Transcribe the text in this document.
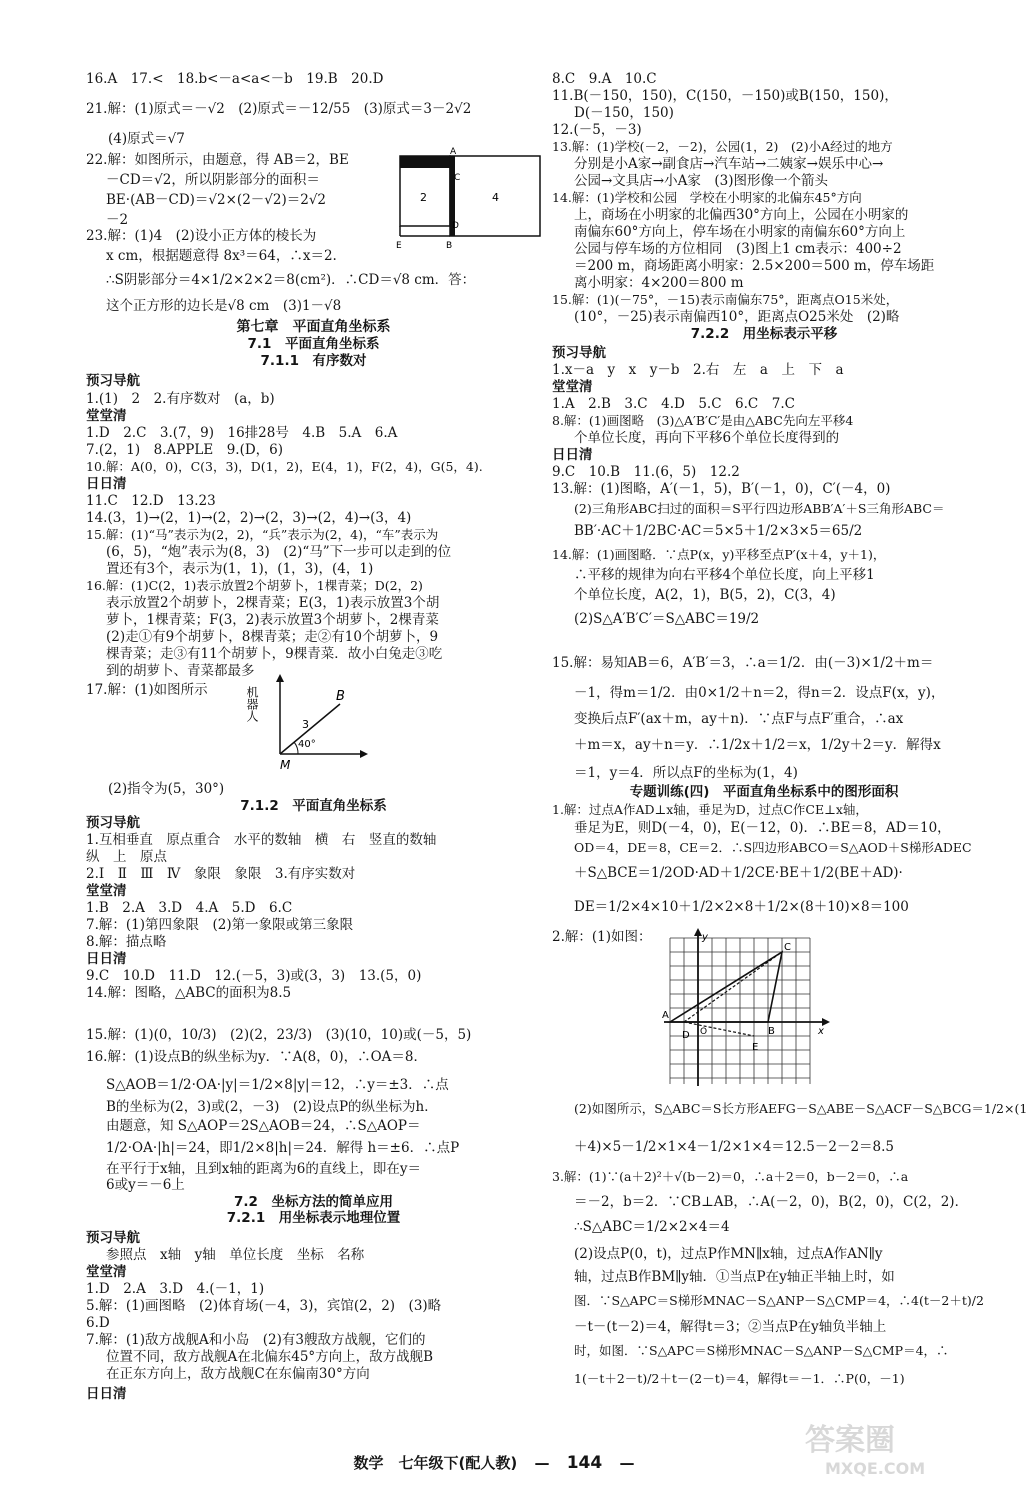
16.A　17.<　18.b<－a<a<－b　19.B　20.D
21.解：(1)原式＝－√2　(2)原式＝－12/55　(3)原式＝3－2√2
(4)原式＝√7
22.解：如图所示，由题意，得 AB＝2，BE
－CD＝√2，所以阴影部分的面积＝
BE·(AB－CD)＝√2×(2－√2)＝2√2
－2
23.解：(1)4　(2)设小正方体的棱长为
x cm，根据题意得 8x³＝64，∴x＝2.
∴S阴影部分＝4×1/2×2×2＝8(cm²)．∴CD＝√8 cm．答：
这个正方形的边长是√8 cm　(3)1－√8
第七章　平面直角坐标系
7.1　平面直角坐标系
7.1.1　有序数对
预习导航
1.(1)　2　2.有序数对　(a，b)
堂堂清
1.D　2.C　3.(7，9)　16排28号　4.B　5.A　6.A
7.(2，1)　8.APPLE　9.(D，6)
10.解：A(0，0)，C(3，3)，D(1，2)，E(4，1)，F(2，4)，G(5，4).
日日清
11.C　12.D　13.23
14.(3，1)→(2，1)→(2，2)→(2，3)→(2，4)→(3，4)
15.解：(1)“马”表示为(2，2)，“兵”表示为(2，4)，“车”表示为
(6，5)，“炮”表示为(8，3)　(2)“马”下一步可以走到的位
置还有3个，表示为(1，1)，(1，3)，(4，1)
16.解：(1)C(2，1)表示放置2个胡萝卜，1棵青菜；D(2，2)
表示放置2个胡萝卜，2棵青菜；E(3，1)表示放置3个胡
萝卜，1棵青菜；F(3，2)表示放置3个胡萝卜，2棵青菜
(2)走①有9个胡萝卜，8棵青菜；走②有10个胡萝卜，9
棵青菜；走③有11个胡萝卜，9棵青菜．故小白兔走③吃
到的胡萝卜、青菜都最多
17.解：(1)如图所示
(2)指令为(5，30°)
7.1.2　平面直角坐标系
预习导航
1.互相垂直　原点重合　水平的数轴　横　右　竖直的数轴
纵　上　原点
2.Ⅰ　Ⅱ　Ⅲ　Ⅳ　象限　象限　3.有序实数对
堂堂清
1.B　2.A　3.D　4.A　5.D　6.C
7.解：(1)第四象限　(2)第一象限或第三象限
8.解：描点略
日日清
9.C　10.D　11.D　12.(－5，3)或(3，3)　13.(5，0)
14.解：图略，△ABC的面积为8.5
15.解：(1)(0，10/3)　(2)(2，23/3)　(3)(10，10)或(－5，5)
16.解：(1)设点B的纵坐标为y．∵A(8，0)，∴OA＝8．
S△AOB＝1/2·OA·|y|＝1/2×8|y|＝12，∴y＝±3．∴点
B的坐标为(2，3)或(2，－3)　(2)设点P的纵坐标为h．
由题意，知 S△AOP＝2S△AOB＝24，∴S△AOP＝
1/2·OA·|h|＝24，即1/2×8|h|＝24．解得 h＝±6．∴点P
在平行于x轴，且到x轴的距离为6的直线上，即在y＝
6或y＝－6上
7.2　坐标方法的简单应用
7.2.1　用坐标表示地理位置
预习导航
参照点　x轴　y轴　单位长度　坐标　名称
堂堂清
1.D　2.A　3.D　4.(－1，1)
5.解：(1)画图略　(2)体育场(－4，3)，宾馆(2，2)　(3)略
6.D
7.解：(1)敌方战舰A和小岛　(2)有3艘敌方战舰，它们的
位置不同，敌方战舰A在北偏东45°方向上，敌方战舰B
在正东方向上，敌方战舰C在东偏南30°方向
日日清
A
C
D
E	B
2	4
机器人	B
3
40°
M
8.C　9.A　10.C
11.B(－150，150)，C(150，－150)或B(150，150)，
D(－150，150)
12.(－5，－3)
13.解：(1)学校(－2，－2)，公园(1，2)　(2)小A经过的地方
分别是小A家→副食店→汽车站→二姨家→娱乐中心→
公园→文具店→小A家　(3)图形像一个箭头
14.解：(1)学校和公园　学校在小明家的北偏东45°方向
上，商场在小明家的北偏西30°方向上，公园在小明家的
南偏东60°方向上，停车场在小明家的南偏东60°方向上
公园与停车场的方位相同　(3)图上1 cm表示：400÷2
＝200 m，商场距离小明家：2.5×200＝500 m，停车场距
离小明家：4×200＝800 m
15.解：(1)(－75°，－15)表示南偏东75°，距离点O15米处，
(10°，－25)表示南偏西10°，距离点O25米处　(2)略
7.2.2　用坐标表示平移
预习导航
1.x－a　y　x　y－b　2.右　左　a　上　下　a
堂堂清
1.A　2.B　3.C　4.D　5.C　6.C　7.C
8.解：(1)画图略　(3)△A′B′C′是由△ABC先向左平移4
个单位长度，再向下平移6个单位长度得到的
日日清
9.C　10.B　11.(6，5)　12.2
13.解：(1)图略，A′(－1，5)，B′(－1，0)，C′(－4，0)
(2)三角形ABC扫过的面积＝S平行四边形ABB′A′＋S三角形ABC＝
BB′·AC＋1/2BC·AC＝5×5＋1/2×3×5＝65/2
14.解：(1)画图略．∵点P(x，y)平移至点P′(x＋4，y＋1)，
∴平移的规律为向右平移4个单位长度，向上平移1
个单位长度，A(2，1)，B(5，2)，C(3，4)
(2)S△A′B′C′＝S△ABC＝19/2
15.解：易知AB＝6，A′B′＝3，∴a＝1/2．由(－3)×1/2＋m＝
－1，得m＝1/2．由0×1/2＋n＝2，得n＝2．设点F(x，y)，
变换后点F′(ax＋m，ay＋n)．∵点F与点F′重合，∴ax
＋m＝x，ay＋n＝y．∴1/2x＋1/2＝x，1/2y＋2＝y．解得x
＝1，y＝4．所以点F的坐标为(1，4)
专题训练(四)　平面直角坐标系中的图形面积
1.解：过点A作AD⊥x轴，垂足为D，过点C作CE⊥x轴，
垂足为E，则D(－4，0)，E(－12，0)．∴BE＝8，AD＝10，
OD＝4，DE＝8，CE＝2．∴S四边形ABCO＝S△AOD＋S梯形ADEC
＋S△BCE＝1/2OD·AD＋1/2CE·BE＋1/2(BE＋AD)·
DE＝1/2×4×10＋1/2×2×8＋1/2×(8＋10)×8＝100
2.解：(1)如图：
(2)如图所示，S△ABC＝S长方形AEFG－S△ABE－S△ACF－S△BCG＝1/2×(1
＋4)×5－1/2×1×4－1/2×1×4＝12.5－2－2＝8.5
3.解：(1)∵(a＋2)²＋√(b－2)＝0，∴a＋2＝0，b－2＝0，∴a
＝－2，b＝2．∵CB⊥AB，∴A(－2，0)，B(2，0)，C(2，2)．
∴S△ABC＝1/2×2×4＝4
(2)设点P(0，t)，过点P作MN∥x轴，过点A作AN∥y
轴，过点B作BM∥y轴．①当点P在y轴正半轴上时，如
图．∵S△APC＝S梯形MNAC－S△ANP－S△CMP＝4，∴4(t－2＋t)/2
－t－(t－2)＝4，解得t＝3；②当点P在y轴负半轴上
时，如图．∵S△APC＝S梯形MNAC－S△ANP－S△CMP＝4，∴
1(－t＋2－t)/2＋t－(2－t)＝4，解得t＝－1．∴P(0，－1)
y
x
A
B
C
D
E
O
数学　七年级下(配人教) — 144 —
答案圈
MXQE.COM
